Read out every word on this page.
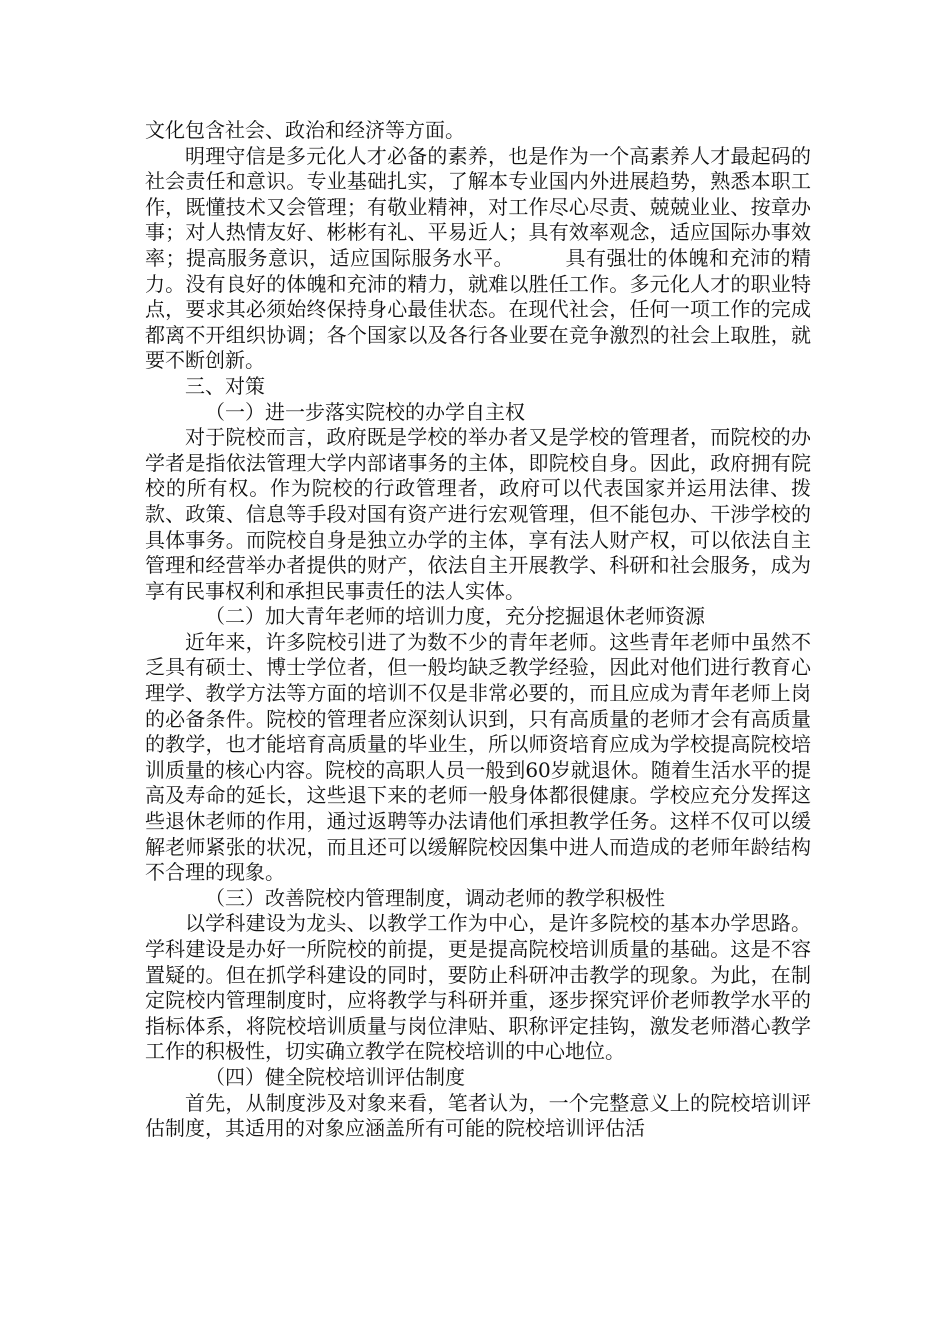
文化包含社会、政治和经济等方面。

明理守信是多元化人才必备的素养，也是作为一个高素养人才最起码的社会责任和意识。专业基础扎实，了解本专业国内外进展趋势，熟悉本职工作，既懂技术又会管理；有敬业精神，对工作尽心尽责、兢兢业业、按章办事；对人热情友好、彬彬有礼、平易近人；具有效率观念，适应国际办事效率；提高服务意识，适应国际服务水平。　　　具有强壮的体魄和充沛的精力。没有良好的体魄和充沛的精力，就难以胜任工作。多元化人才的职业特点，要求其必须始终保持身心最佳状态。在现代社会，任何一项工作的完成都离不开组织协调；各个国家以及各行各业要在竞争激烈的社会上取胜，就要不断创新。

三、对策

（一）进一步落实院校的办学自主权

对于院校而言，政府既是学校的举办者又是学校的管理者，而院校的办学者是指依法管理大学内部诸事务的主体，即院校自身。因此，政府拥有院校的所有权。作为院校的行政管理者，政府可以代表国家并运用法律、拨款、政策、信息等手段对国有资产进行宏观管理，但不能包办、干涉学校的具体事务。而院校自身是独立办学的主体，享有法人财产权，可以依法自主管理和经营举办者提供的财产，依法自主开展教学、科研和社会服务，成为享有民事权利和承担民事责任的法人实体。

（二）加大青年老师的培训力度，充分挖掘退休老师资源

近年来，许多院校引进了为数不少的青年老师。这些青年老师中虽然不乏具有硕士、博士学位者，但一般均缺乏教学经验，因此对他们进行教育心理学、教学方法等方面的培训不仅是非常必要的，而且应成为青年老师上岗的必备条件。院校的管理者应深刻认识到，只有高质量的老师才会有高质量的教学，也才能培育高质量的毕业生，所以师资培育应成为学校提高院校培训质量的核心内容。院校的高职人员一般到60岁就退休。随着生活水平的提高及寿命的延长，这些退下来的老师一般身体都很健康。学校应充分发挥这些退休老师的作用，通过返聘等办法请他们承担教学任务。这样不仅可以缓解老师紧张的状况，而且还可以缓解院校因集中进人而造成的老师年龄结构不合理的现象。

（三）改善院校内管理制度，调动老师的教学积极性

以学科建设为龙头、以教学工作为中心，是许多院校的基本办学思路。学科建设是办好一所院校的前提，更是提高院校培训质量的基础。这是不容置疑的。但在抓学科建设的同时，要防止科研冲击教学的现象。为此，在制定院校内管理制度时，应将教学与科研并重，逐步探究评价老师教学水平的指标体系，将院校培训质量与岗位津贴、职称评定挂钩，激发老师潜心教学工作的积极性，切实确立教学在院校培训的中心地位。

（四）健全院校培训评估制度

首先，从制度涉及对象来看，笔者认为，一个完整意义上的院校培训评估制度，其适用的对象应涵盖所有可能的院校培训评估活
